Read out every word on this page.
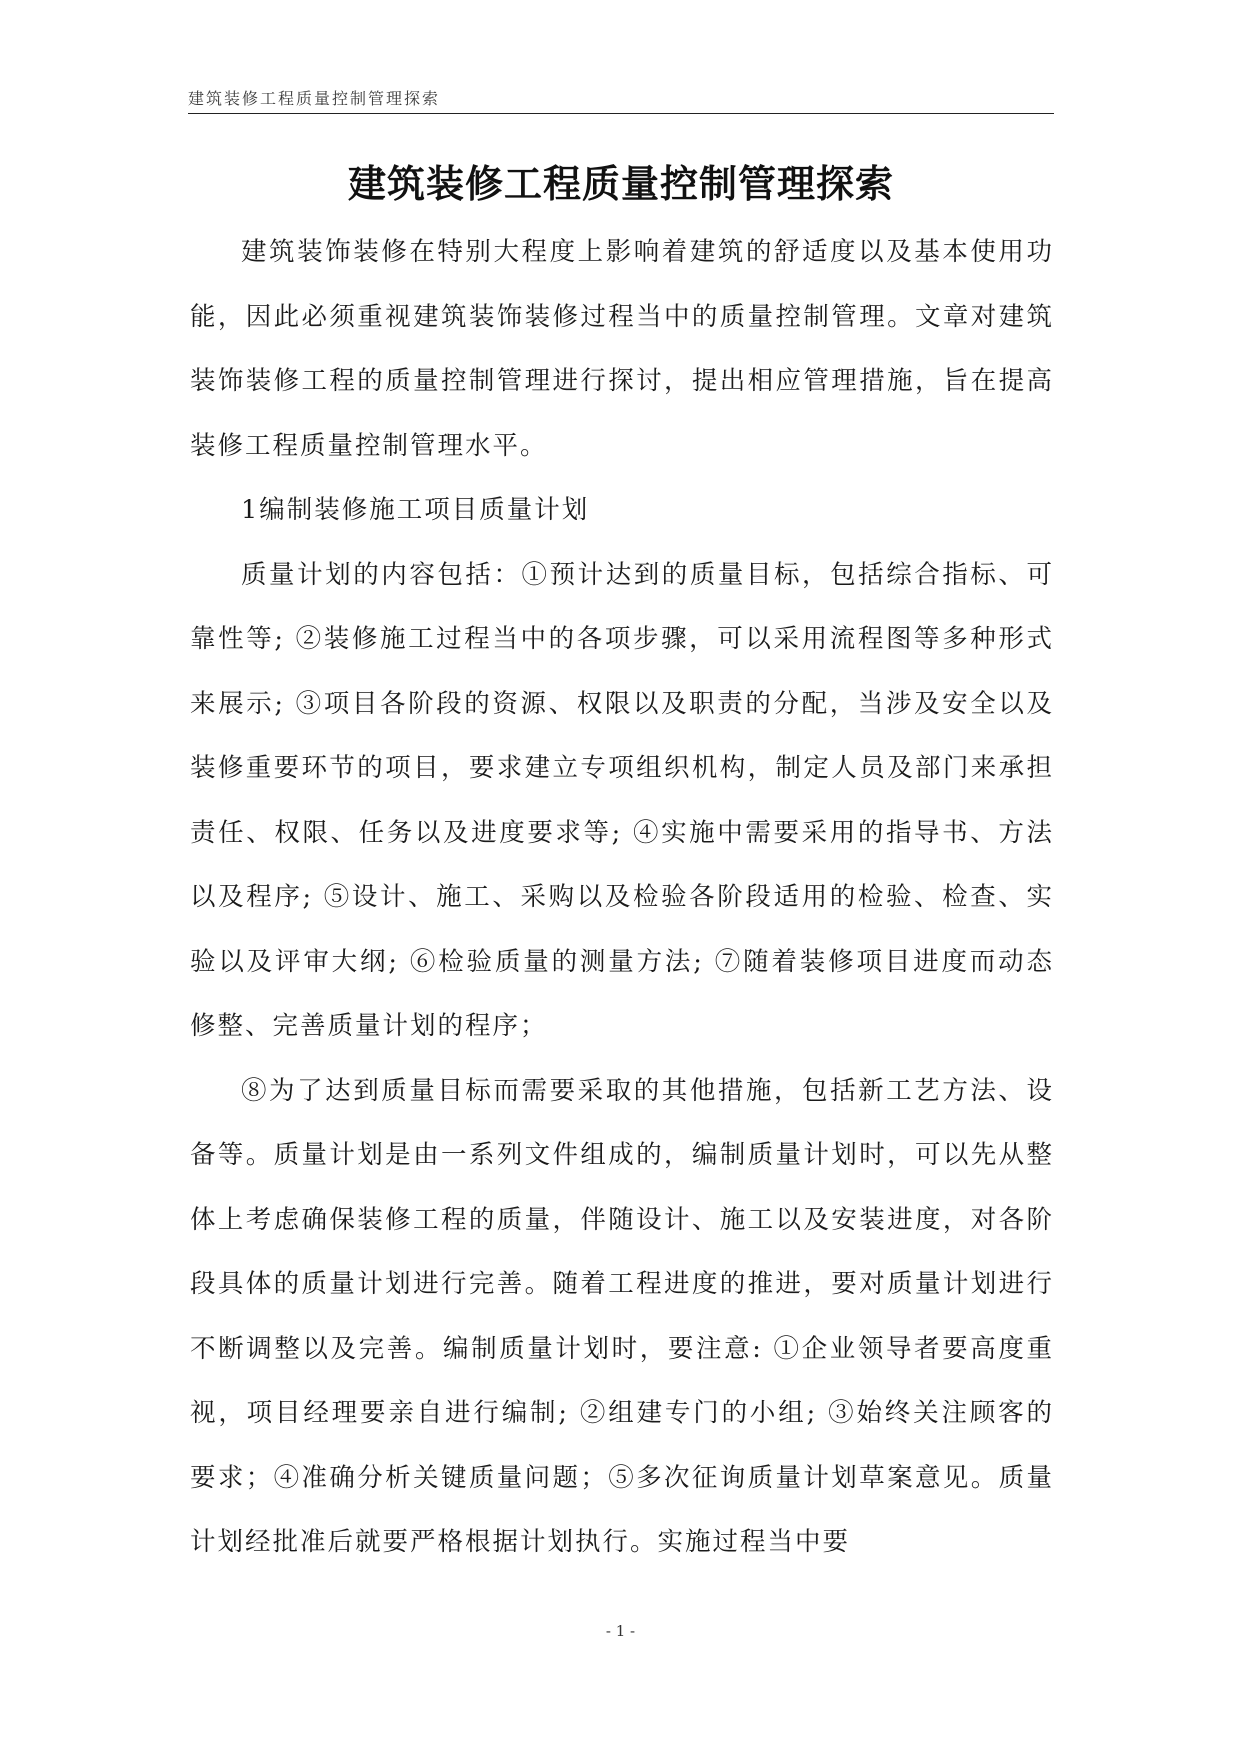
建筑装修工程质量控制管理探索
建筑装修工程质量控制管理探索

建筑装饰装修在特别大程度上影响着建筑的舒适度以及基本使用功能，因此必须重视建筑装饰装修过程当中的质量控制管理。文章对建筑装饰装修工程的质量控制管理进行探讨，提出相应管理措施，旨在提高装修工程质量控制管理水平。

1编制装修施工项目质量计划

质量计划的内容包括：①预计达到的质量目标，包括综合指标、可靠性等; ②装修施工过程当中的各项步骤，可以采用流程图等多种形式来展示; ③项目各阶段的资源、权限以及职责的分配，当涉及安全以及装修重要环节的项目，要求建立专项组织机构，制定人员及部门来承担责任、权限、任务以及进度要求等; ④实施中需要采用的指导书、方法以及程序; ⑤设计、施工、采购以及检验各阶段适用的检验、检查、实验以及评审大纲; ⑥检验质量的测量方法; ⑦随着装修项目进度而动态修整、完善质量计划的程序；

⑧为了达到质量目标而需要采取的其他措施，包括新工艺方法、设备等。质量计划是由一系列文件组成的，编制质量计划时，可以先从整体上考虑确保装修工程的质量，伴随设计、施工以及安装进度，对各阶段具体的质量计划进行完善。随着工程进度的推进，要对质量计划进行不断调整以及完善。编制质量计划时，要注意: ①企业领导者要高度重视，项目经理要亲自进行编制; ②组建专门的小组; ③始终关注顾客的要求；④准确分析关键质量问题；⑤多次征询质量计划草案意见。质量计划经批准后就要严格根据计划执行。实施过程当中要

- 1 -
